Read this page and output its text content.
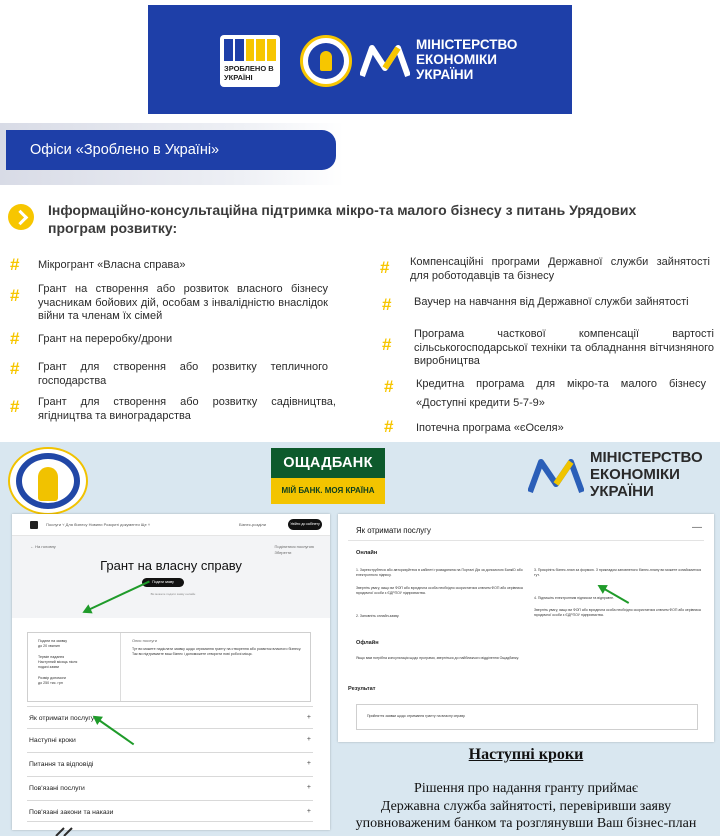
ЗРОБЛЕНО В УКРАЇНІ
МІНІСТЕРСТВО ЕКОНОМІКИ УКРАЇНИ
Офіси «Зроблено в Україні»
Інформаційно-консультаційна підтримка мікро-та малого бізнесу з питань Урядових програм розвитку:
# Мікрогрант «Власна справа»
# Грант на створення або розвиток власного бізнесу учасникам бойових дій, особам з інвалідністю внаслідок війни та членам їх сімей
# Грант на переробку/дрони
# Грант для створення або розвитку тепличного господарства
# Грант для створення або розвитку садівництва, ягідництва та виноградарства
# Компенсаційні програми Державної служби зайнятості для роботодавців та бізнесу
# Ваучер на навчання від Державної служби зайнятості
#
Програма часткової компенсації вартості сільськогосподарської техніки та обладнання вітчизняного виробництва
# Кредитна програма для мікро-та малого бізнесу «Доступні кредити 5-7-9»
# Іпотечна програма «єОселя»
ОЩАДБАНК
МІЙ БАНК. МОЯ КРАЇНА
МІНІСТЕРСТВО ЕКОНОМІКИ УКРАЇНИ
Послуги ˅ Для бізнесу Новини Розкриті документи Ще ˅	Бізнес-розділи	Увійти до кабінету
← На головну	Поділитися послугою
Зберегти
Грант на власну справу
Подати заяву
Ви можете подати заяву онлайн
Подати на заявку
до 20 хвилин

Термін надання
Наступний місяць після
подачі заяви

Розмір допомоги
до 250 тис. грн
Опис послуги
Тут ви можете надіслати заявку щодо отримання гранту на створення або розвиток власного бізнесу. Так ви підтримаєте ваш бізнес і допоможете створити нові робочі місця.
Як отримати послугу	+
Наступні кроки	+
Питання та відповіді	+
Пов'язані послуги	+
Пов'язані закони та накази	+
Як отримати послугу	—
Онлайн
1. Зареєструйтеся або авторизуйтеся в кабінеті громадянина на Порталі Дія за допомогою БанкID або електронного підпису.
Зверніть увагу, якщо ви ФОП або юридична особа необхідно скористатися ключем ФОП або керівника юридичної особи з ЄДРПОУ підприємства.
2. Заповніть онлайн-заяву.
3. Прикріпіть бізнес-план за формою. З прикладом заповненого бізнес-плану ви можете ознайомитися тут.
4. Підпишіть електронним підписом та відправте.
Зверніть увагу, якщо ви ФОП або юридична особа необхідно скористатися ключем ФОП або керівника юридичної особи з ЄДРПОУ підприємства.
Офлайн
Якщо вам потрібна консультація щодо програми, зверніться до найближчого відділення Ощадбанку.
Результат
Прийняття заявки щодо отримання гранту на власну справу.
Наступні кроки
Рішення про надання гранту приймає
Державна служба зайнятості, перевіривши заяву
уповноваженим банком та розглянувши Ваш бізнес-план
